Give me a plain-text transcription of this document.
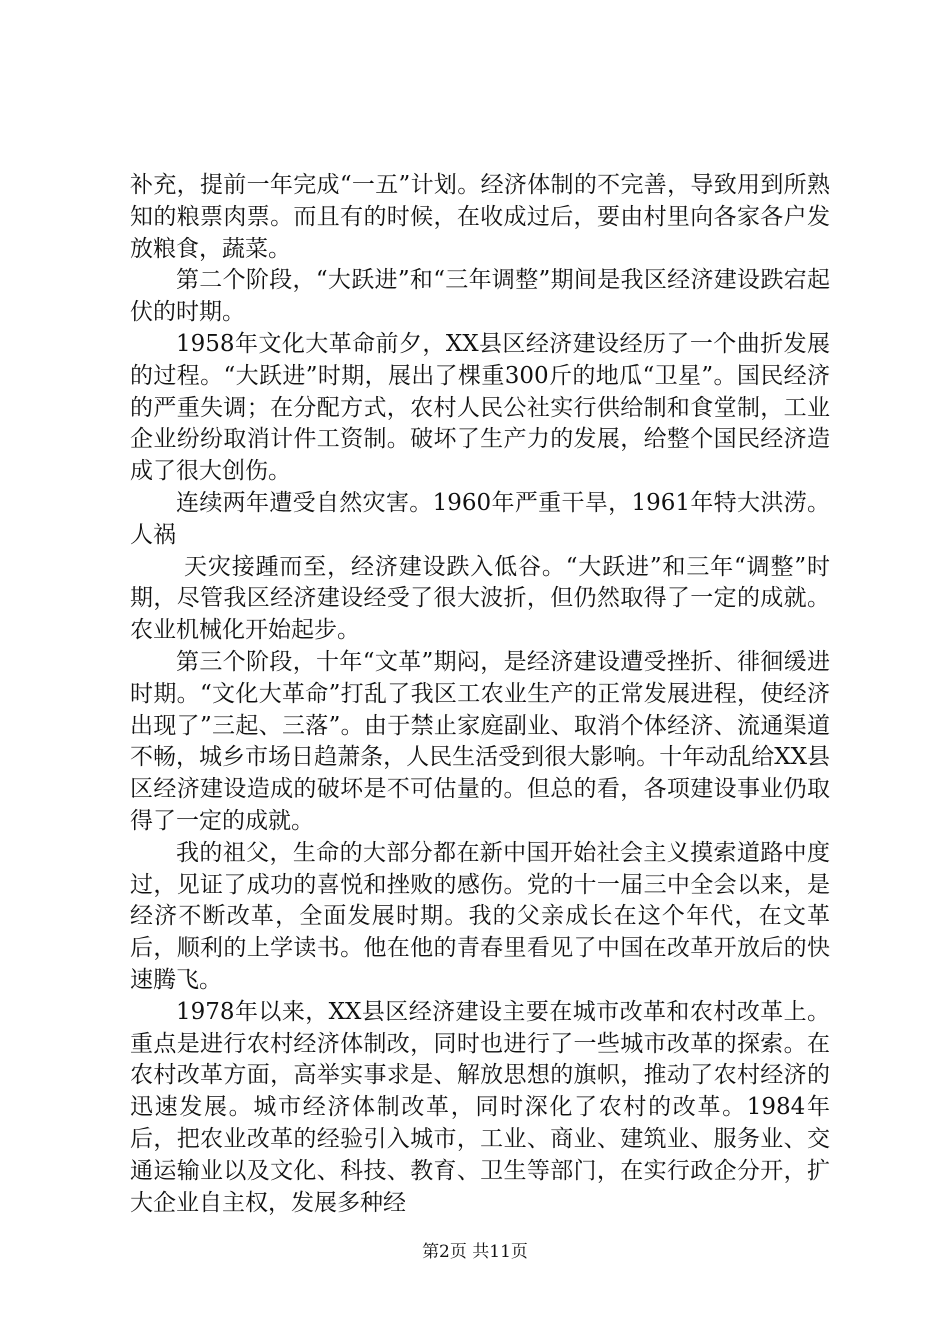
补充，提前一年完成“一五”计划。经济体制的不完善，导致用到所熟知的粮票肉票。而且有的时候，在收成过后，要由村里向各家各户发放粮食，蔬菜。

第二个阶段，“大跃进”和“三年调整”期间是我区经济建设跌宕起伏的时期。

1958年文化大革命前夕，XX县区经济建设经历了一个曲折发展的过程。“大跃进”时期，展出了棵重300斤的地瓜“卫星”。国民经济的严重失调；在分配方式，农村人民公社实行供给制和食堂制，工业企业纷纷取消计件工资制。破坏了生产力的发展，给整个国民经济造成了很大创伤。

连续两年遭受自然灾害。1960年严重干旱，1961年特大洪涝。人祸

天灾接踵而至，经济建设跌入低谷。“大跃进”和三年“调整”时期，尽管我区经济建设经受了很大波折，但仍然取得了一定的成就。农业机械化开始起步。

第三个阶段，十年“文革”期闷，是经济建设遭受挫折、徘徊缓进时期。“文化大革命”打乱了我区工农业生产的正常发展进程，使经济出现了”三起、三落”。由于禁止家庭副业、取消个体经济、流通渠道不畅，城乡市场日趋萧条，人民生活受到很大影响。十年动乱给XX县区经济建设造成的破坏是不可估量的。但总的看，各项建设事业仍取得了一定的成就。

我的祖父，生命的大部分都在新中国开始社会主义摸索道路中度过，见证了成功的喜悦和挫败的感伤。党的十一届三中全会以来，是经济不断改革，全面发展时期。我的父亲成长在这个年代，在文革后，顺利的上学读书。他在他的青春里看见了中国在改革开放后的快速腾飞。

1978年以来，XX县区经济建设主要在城市改革和农村改革上。重点是进行农村经济体制改，同时也进行了一些城市改革的探索。在农村改革方面，高举实事求是、解放思想的旗帜，推动了农村经济的迅速发展。城市经济体制改革，同时深化了农村的改革。1984年后，把农业改革的经验引入城市，工业、商业、建筑业、服务业、交通运输业以及文化、科技、教育、卫生等部门，在实行政企分开，扩大企业自主权，发展多种经

第2页 共11页
